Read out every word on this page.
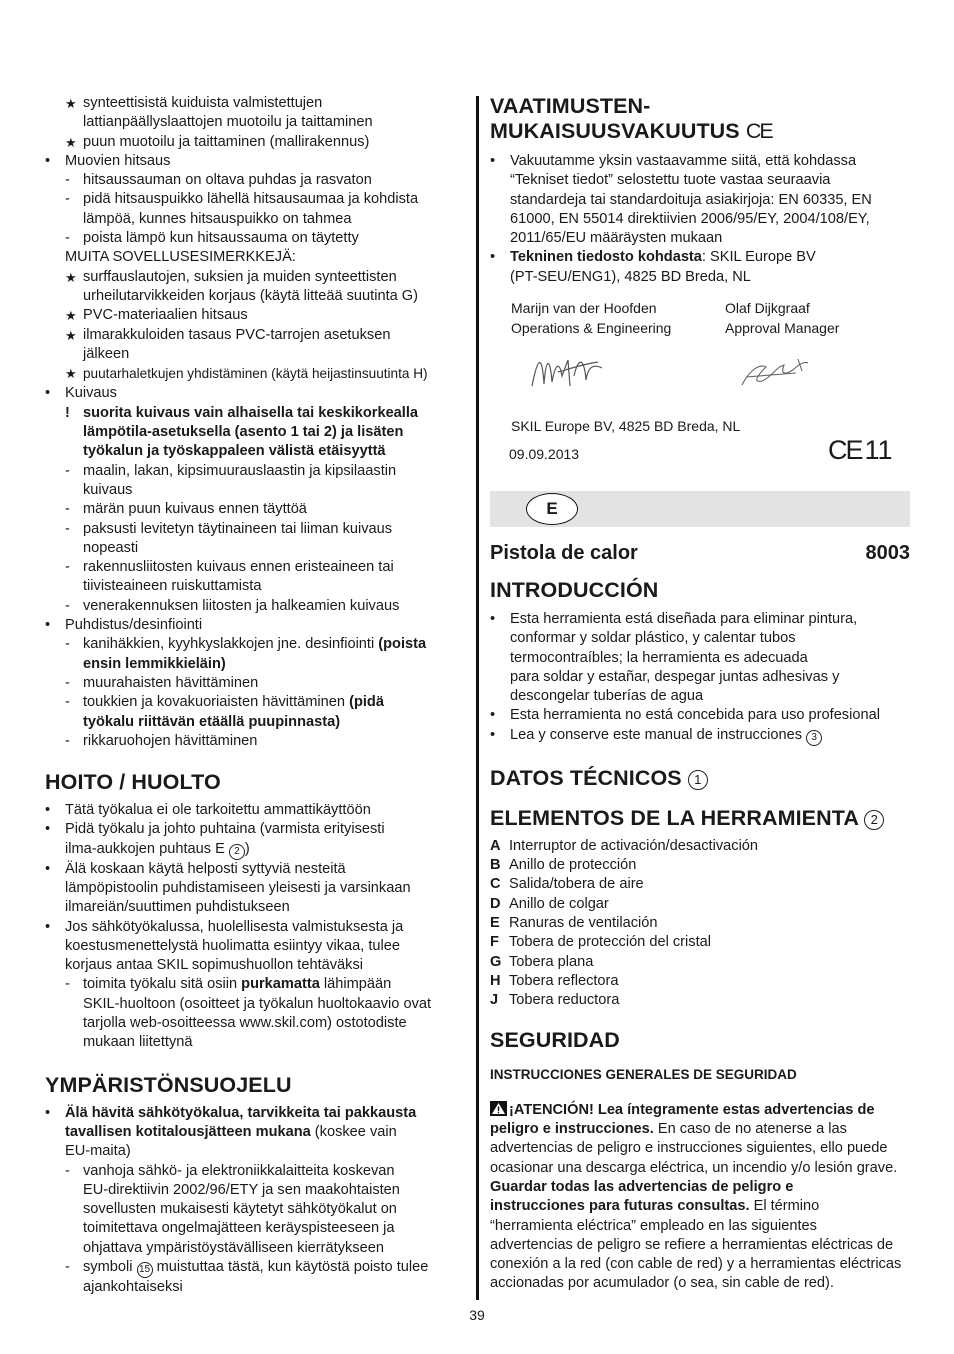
★ synteettisistä kuiduista valmistettujen
lattianpäällyslaattojen muotoilu ja taittaminen
★ puun muotoilu ja taittaminen (mallirakennus)
• Muovien hitsaus
- hitsaussauman on oltava puhdas ja rasvaton
- pidä hitsauspuikko lähellä hitsausaumaa ja kohdista
lämpöä, kunnes hitsauspuikko on tahmea
- poista lämpö kun hitsaussauma on täytetty
MUITA SOVELLUSESIMERKKEJÄ:
★ surffauslautojen, suksien ja muiden synteettisten
urheilutarvikkeiden korjaus (käytä litteää suutinta G)
★ PVC-materiaalien hitsaus
★ ilmarakkuloiden tasaus PVC-tarrojen asetuksen
jälkeen
★ puutarhaletkujen yhdistäminen (käytä heijastinsuutinta H)
• Kuivaus
! suorita kuivaus vain alhaisella tai keskikorkealla
lämpötila-asetuksella (asento 1 tai 2) ja lisäten
työkalun ja työskappaleen välistä etäisyyttä
- maalin, lakan, kipsimuurauslaastin ja kipsilaastin
kuivaus
- märän puun kuivaus ennen täyttöä
- paksusti levitetyn täytinaineen tai liiman kuivaus
nopeasti
- rakennusliitosten kuivaus ennen eristeaineen tai
tiivisteaineen ruiskuttamista
- venerakennuksen liitosten ja halkeamien kuivaus
• Puhdistus/desinfiointi
- kanihäkkien, kyyhkyslakkojen jne. desinfiointi (poista
ensin lemmikkieläin)
- muurahaisten hävittäminen
- toukkien ja kovakuoriaisten hävittäminen (pidä
työkalu riittävän etäällä puupinnasta)
- rikkaruohojen hävittäminen
HOITO / HUOLTO
• Tätä työkalua ei ole tarkoitettu ammattikäyttöön
• Pidä työkalu ja johto puhtaina (varmista erityisesti
ilma-aukkojen puhtaus E 2 )
• Älä koskaan käytä helposti syttyviä nesteitä
lämpöpistoolin puhdistamiseen yleisesti ja varsinkaan
ilmareiän/suuttimen puhdistukseen
• Jos sähkötyökalussa, huolellisesta valmistuksesta ja
koestusmenettelystä huolimatta esiintyy vikaa, tulee
korjaus antaa SKIL sopimushuollon tehtäväksi
- toimita työkalu sitä osiin purkamatta lähimpään
SKIL-huoltoon (osoitteet ja työkalun huoltokaavio ovat
tarjolla web-osoitteessa www.skil.com) ostotodiste
mukaan liitettynä
YMPÄRISTÖNSUOJELU
• Älä hävitä sähkötyökalua, tarvikkeita tai pakkausta
tavallisen kotitalousjätteen mukana (koskee vain
EU-maita)
- vanhoja sähkö- ja elektroniikkalaitteita koskevan
EU-direktiivin 2002/96/ETY ja sen maakohtaisten
sovellusten mukaisesti käytetyt sähkötyökalut on
toimitettava ongelmajätteen keräyspisteeseen ja
ohjattava ympäristöystävälliseen kierrätykseen
- symboli 15 muistuttaa tästä, kun käytöstä poisto tulee
ajankohtaiseksi
VAATIMUSTEN-
MUKAISUUSVAKUUTUS CE
• Vakuutamme yksin vastaavamme siitä, että kohdassa
“Tekniset tiedot” selostettu tuote vastaa seuraavia
standardeja tai standardoituja asiakirjoja: EN 60335, EN
61000, EN 55014 direktiivien 2006/95/EY, 2004/108/EY,
2011/65/EU määräysten mukaan
• Tekninen tiedosto kohdasta: SKIL Europe BV
(PT-SEU/ENG1), 4825 BD Breda, NL
Marijn van der Hoofden
Operations & Engineering
Olaf Dijkgraaf
Approval Manager
SKIL Europe BV, 4825 BD Breda, NL
09.09.2013	CE 11
E
Pistola de calor	8003
INTRODUCCIÓN
• Esta herramienta está diseñada para eliminar pintura,
conformar y soldar plástico, y calentar tubos
termocontraíbles; la herramienta es adecuada
para soldar y estañar, despegar juntas adhesivas y
descongelar tuberías de agua
• Esta herramienta no está concebida para uso profesional
• Lea y conserve este manual de instrucciones 3
DATOS TÉCNICOS 1
ELEMENTOS DE LA HERRAMIENTA 2
A Interruptor de activación/desactivación
B Anillo de protección
C Salida/tobera de aire
D Anillo de colgar
E Ranuras de ventilación
F Tobera de protección del cristal
G Tobera plana
H Tobera reflectora
J Tobera reductora
SEGURIDAD
INSTRUCCIONES GENERALES DE SEGURIDAD
¡ATENCIÓN! Lea íntegramente estas advertencias de
peligro e instrucciones. En caso de no atenerse a las
advertencias de peligro e instrucciones siguientes, ello puede
ocasionar una descarga eléctrica, un incendio y/o lesión grave.
Guardar todas las advertencias de peligro e
instrucciones para futuras consultas. El término
“herramienta eléctrica” empleado en las siguientes
advertencias de peligro se refiere a herramientas eléctricas de
conexión a la red (con cable de red) y a herramientas eléctricas
accionadas por acumulador (o sea, sin cable de red).
39
